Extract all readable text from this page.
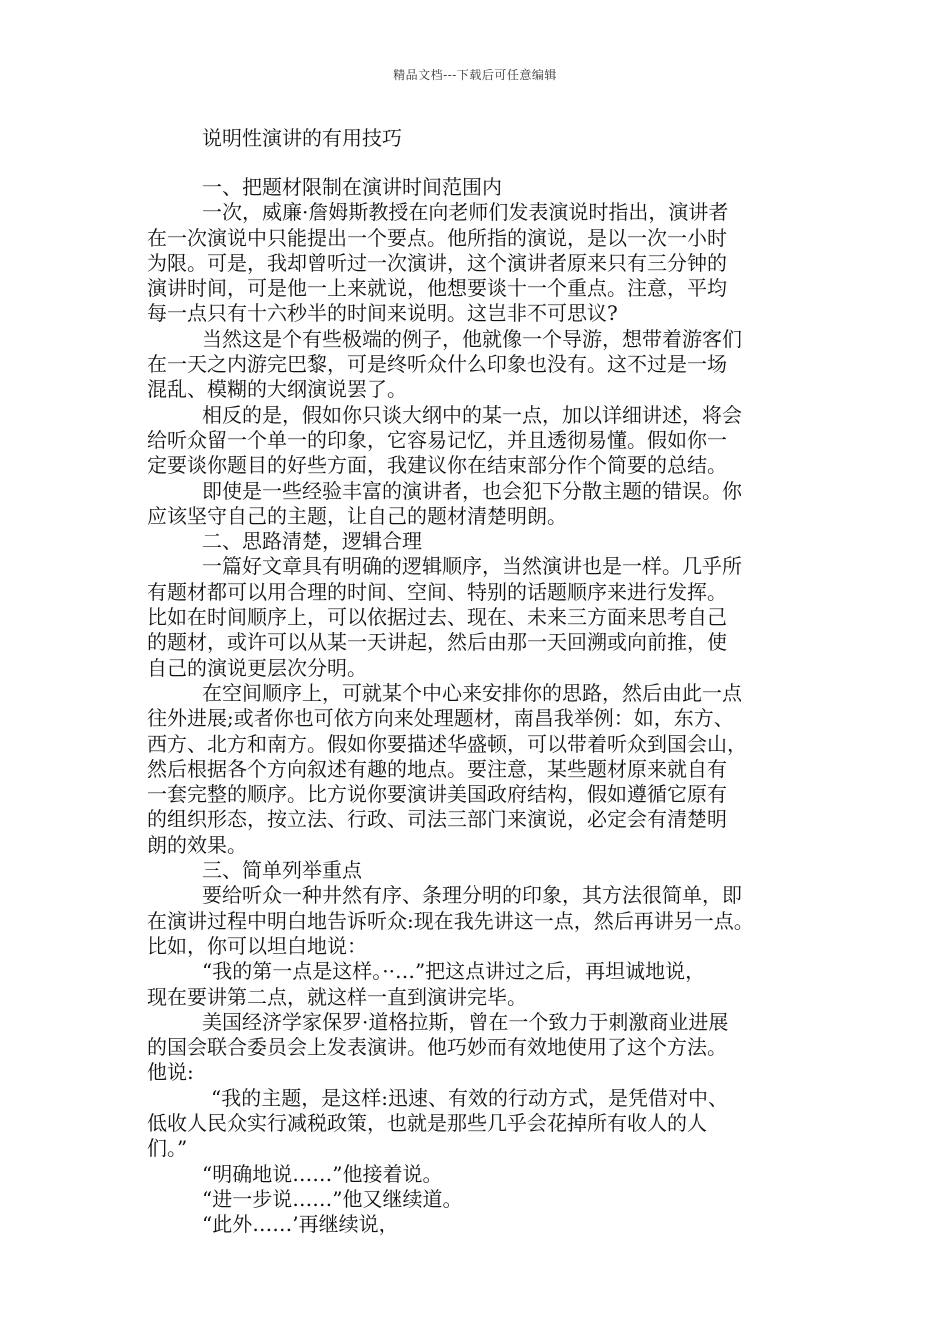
精品文档---下载后可任意编辑
说明性演讲的有用技巧
一、把题材限制在演讲时间范围内
一次，威廉·詹姆斯教授在向老师们发表演说时指出，演讲者
在一次演说中只能提出一个要点。他所指的演说，是以一次一小时
为限。可是，我却曾听过一次演讲，这个演讲者原来只有三分钟的
演讲时间，可是他一上来就说，他想要谈十一个重点。注意，平均
每一点只有十六秒半的时间来说明。这岂非不可思议?
当然这是个有些极端的例子，他就像一个导游，想带着游客们
在一天之内游完巴黎，可是终听众什么印象也没有。这不过是一场
混乱、模糊的大纲演说罢了。
相反的是，假如你只谈大纲中的某一点，加以详细讲述，将会
给听众留一个单一的印象，它容易记忆，并且透彻易懂。假如你一
定要谈你题目的好些方面，我建议你在结束部分作个简要的总结。
即使是一些经验丰富的演讲者，也会犯下分散主题的错误。你
应该坚守自己的主题，让自己的题材清楚明朗。
二、思路清楚，逻辑合理
一篇好文章具有明确的逻辑顺序，当然演讲也是一样。几乎所
有题材都可以用合理的时间、空间、特别的话题顺序来进行发挥。
比如在时间顺序上，可以依据过去、现在、未来三方面来思考自己
的题材，或许可以从某一天讲起，然后由那一天回溯或向前推，使
自己的演说更层次分明。
在空间顺序上，可就某个中心来安排你的思路，然后由此一点
往外进展;或者你也可依方向来处理题材，南昌我举例：如，东方、
西方、北方和南方。假如你要描述华盛顿，可以带着听众到国会山，
然后根据各个方向叙述有趣的地点。要注意，某些题材原来就自有
一套完整的顺序。比方说你要演讲美国政府结构，假如遵循它原有
的组织形态，按立法、行政、司法三部门来演说，必定会有清楚明
朗的效果。
三、简单列举重点
要给听众一种井然有序、条理分明的印象，其方法很简单，即
在演讲过程中明白地告诉听众:现在我先讲这一点，然后再讲另一点。
比如，你可以坦白地说：
“我的第一点是这样。··…”把这点讲过之后，再坦诚地说，
现在要讲第二点，就这样一直到演讲完毕。
美国经济学家保罗·道格拉斯，曾在一个致力于刺激商业进展
的国会联合委员会上发表演讲。他巧妙而有效地使用了这个方法。
他说:
“我的主题，是这样:迅速、有效的行动方式，是凭借对中、
低收人民众实行减税政策，也就是那些几乎会花掉所有收人的人
们。”
“明确地说……”他接着说。
“进一步说……”他又继续道。
“此外……’再继续说，
